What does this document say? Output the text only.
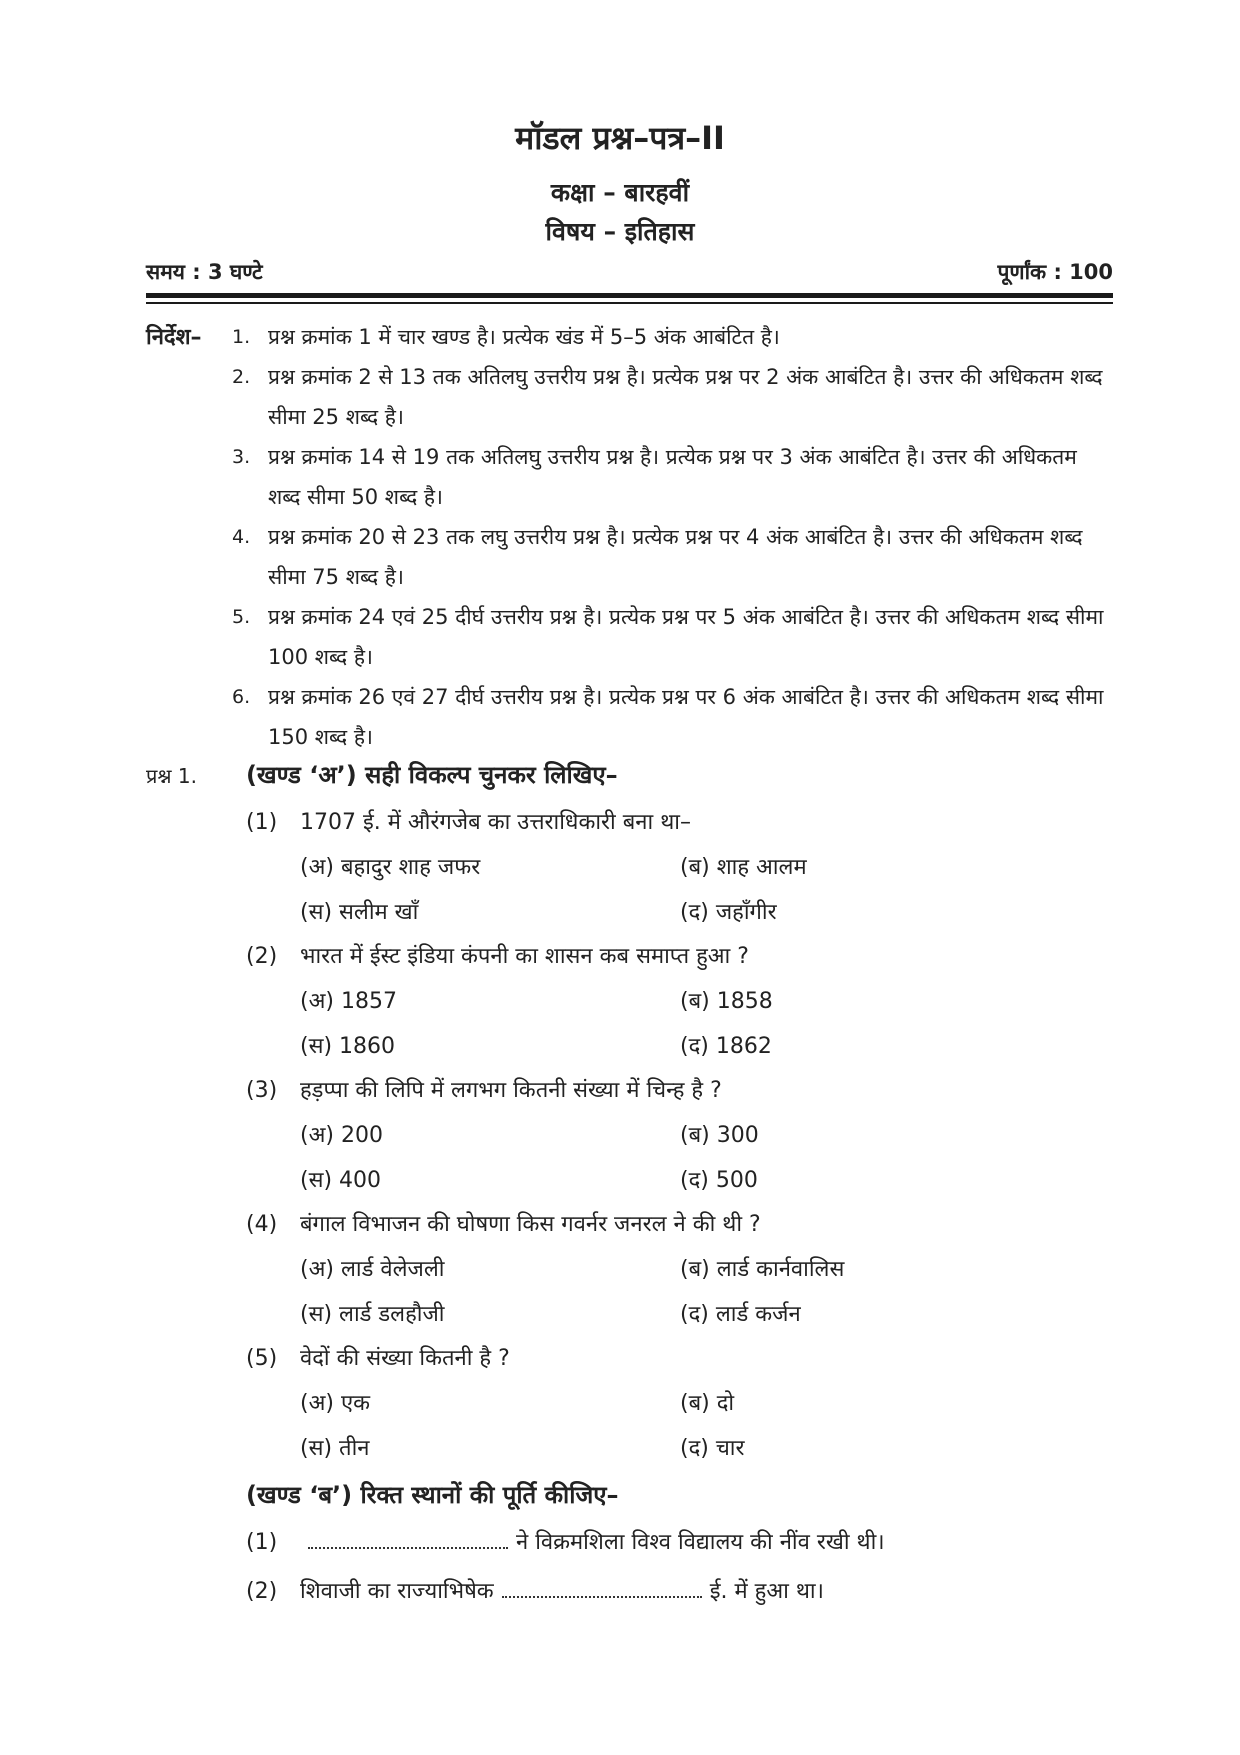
मॉडल प्रश्न–पत्र–II
कक्षा – बारहवीं
विषय – इतिहास
समय : 3 घण्टे	पूर्णांक : 100
निर्देश– 1. प्रश्न क्रमांक 1 में चार खण्ड है। प्रत्येक खंड में 5–5 अंक आबंटित है।
2. प्रश्न क्रमांक 2 से 13 तक अतिलघु उत्तरीय प्रश्न है। प्रत्येक प्रश्न पर 2 अंक आबंटित है। उत्तर की अधिकतम शब्द सीमा 25 शब्द है।
3. प्रश्न क्रमांक 14 से 19 तक अतिलघु उत्तरीय प्रश्न है। प्रत्येक प्रश्न पर 3 अंक आबंटित है। उत्तर की अधिकतम शब्द सीमा 50 शब्द है।
4. प्रश्न क्रमांक 20 से 23 तक लघु उत्तरीय प्रश्न है। प्रत्येक प्रश्न पर 4 अंक आबंटित है। उत्तर की अधिकतम शब्द सीमा 75 शब्द है।
5. प्रश्न क्रमांक 24 एवं 25 दीर्घ उत्तरीय प्रश्न है। प्रत्येक प्रश्न पर 5 अंक आबंटित है। उत्तर की अधिकतम शब्द सीमा 100 शब्द है।
6. प्रश्न क्रमांक 26 एवं 27 दीर्घ उत्तरीय प्रश्न है। प्रत्येक प्रश्न पर 6 अंक आबंटित है। उत्तर की अधिकतम शब्द सीमा 150 शब्द है।
प्रश्न 1. (खण्ड ‘अ’) सही विकल्प चुनकर लिखिए–
(1) 1707 ई. में औरंगजेब का उत्तराधिकारी बना था–
(अ) बहादुर शाह जफर	(ब) शाह आलम
(स) सलीम खाँ	(द) जहाँगीर
(2) भारत में ईस्ट इंडिया कंपनी का शासन कब समाप्त हुआ ?
(अ) 1857	(ब) 1858
(स) 1860	(द) 1862
(3) हड़प्पा की लिपि में लगभग कितनी संख्या में चिन्ह है ?
(अ) 200	(ब) 300
(स) 400	(द) 500
(4) बंगाल विभाजन की घोषणा किस गवर्नर जनरल ने की थी ?
(अ) लार्ड वेलेजली	(ब) लार्ड कार्नवालिस
(स) लार्ड डलहौजी	(द) लार्ड कर्जन
(5) वेदों की संख्या कितनी है ?
(अ) एक	(ब) दो
(स) तीन	(द) चार
(खण्ड ‘ब’) रिक्त स्थानों की पूर्ति कीजिए–
(1)	ने विक्रमशिला विश्व विद्यालय की नींव रखी थी।
(2) शिवाजी का राज्याभिषेक	ई. में हुआ था।
